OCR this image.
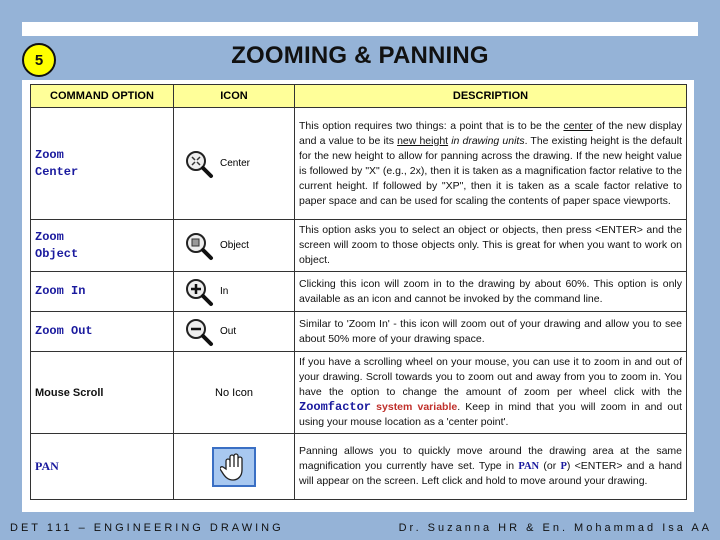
5	ZOOMING & PANNING
COMMAND OPTION	ICON	DESCRIPTION

Zoom
Center	Center	This option requires two things: a point that is to be the center of the new display and a value to be its new height in drawing units. The existing height is the default for the new height to allow for panning across the drawing. If the new height value is followed by "X" (e.g., 2x), then it is taken as a magnification factor relative to the current height. If followed by "XP", then it is taken as a scale factor relative to paper space and can be used for scaling the contents of paper space viewports.

Zoom
Object	Object	This option asks you to select an object or objects, then press <ENTER> and the screen will zoom to those objects only. This is great for when you want to work on object.

Zoom In	In	Clicking this icon will zoom in to the drawing by about 60%. This option is only available as an icon and cannot be invoked by the command line.

Zoom Out	Out	Similar to 'Zoom In' - this icon will zoom out of your drawing and allow you to see about 50% more of your drawing space.

Mouse Scroll	No Icon	If you have a scrolling wheel on your mouse, you can use it to zoom in and out of your drawing. Scroll towards you to zoom out and away from you to zoom in. You have the option to change the amount of zoom per wheel click with the Zoomfactor system variable. Keep in mind that you will zoom in and out using your mouse location as a 'center point'.

PAN		Panning allows you to quickly move around the drawing area at the same magnification you currently have set. Type in PAN (or P) <ENTER> and a hand will appear on the screen. Left click and hold to move around your drawing.
DET 111 – ENGINEERING DRAWING	Dr. Suzanna HR & En. Mohammad Isa AA
